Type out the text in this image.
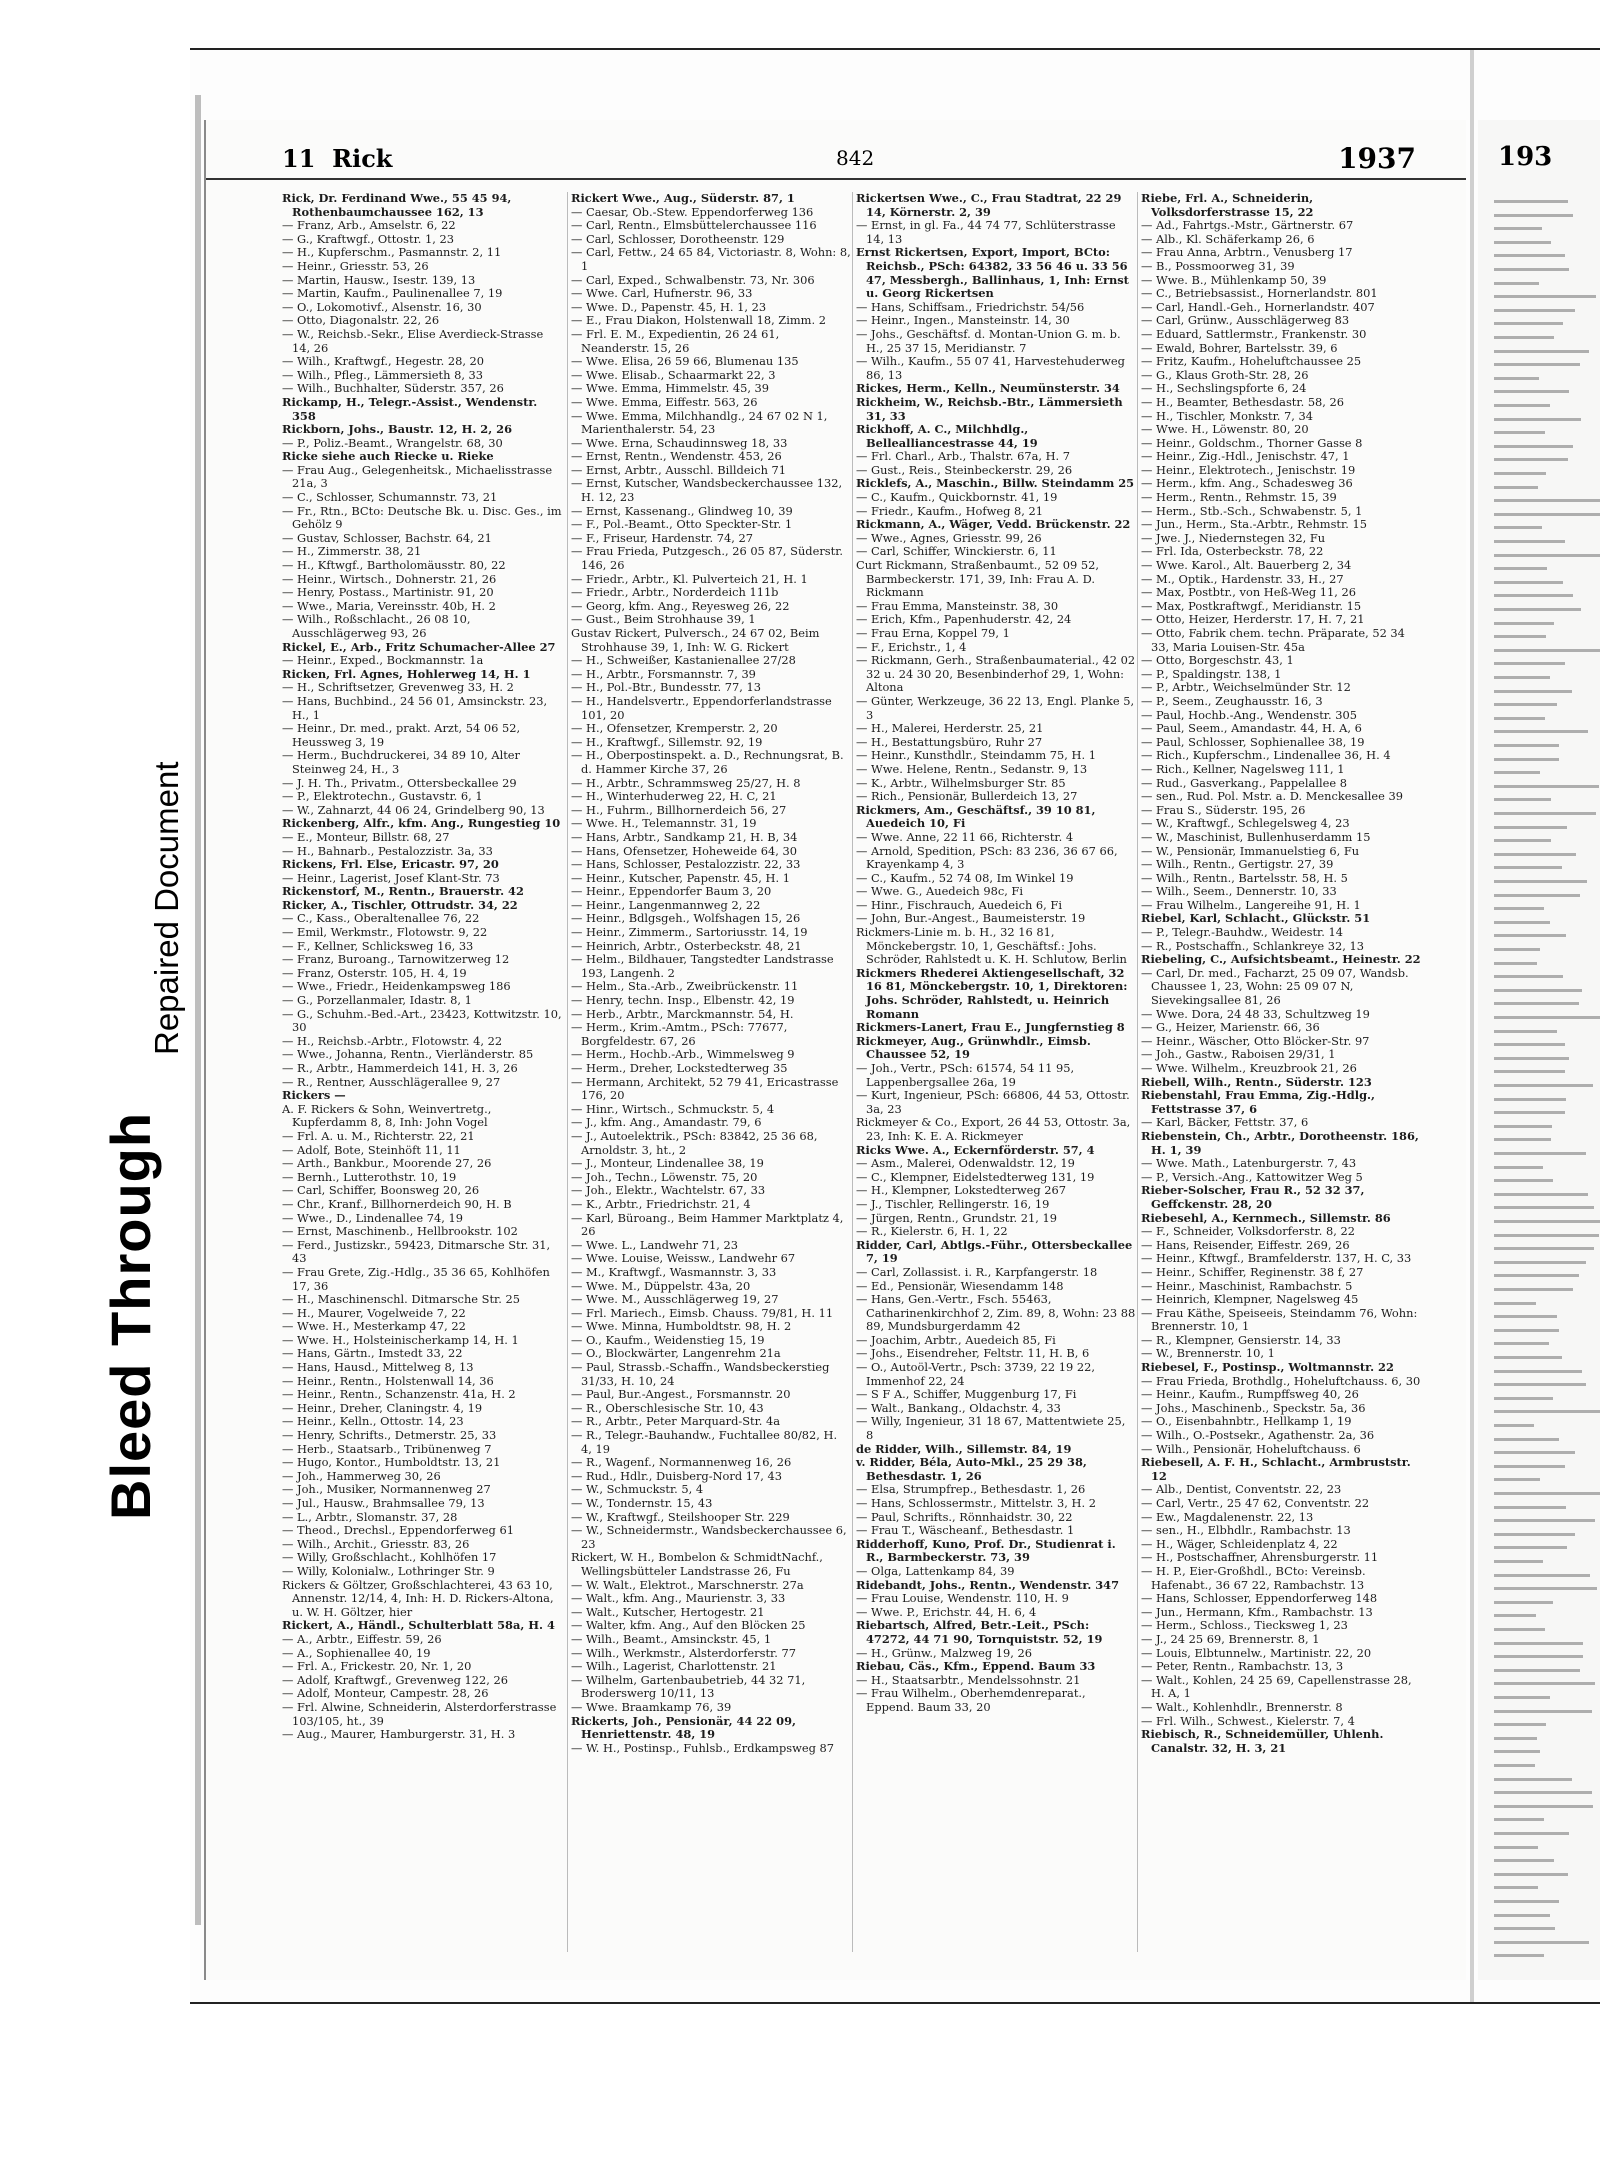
Bleed Through
Repaired Document
11 Rick	842	1937

Rick, Dr. Ferdinand Wwe., 55 45 94, Rothenbaumchaussee 162, 13

— Franz, Arb., Amselstr. 6, 22

— G., Kraftwgf., Ottostr. 1, 23

— H., Kupferschm., Pasmannstr. 2, 11

— Heinr., Griesstr. 53, 26

— Martin, Hausw., Isestr. 139, 13

— Martin, Kaufm., Paulinenallee 7, 19

— O., Lokomotivf., Alsenstr. 16, 30

— Otto, Diagonalstr. 22, 26

— W., Reichsb.-Sekr., Elise Averdieck-Strasse 14, 26

— Wilh., Kraftwgf., Hegestr. 28, 20

— Wilh., Pfleg., Lämmersieth 8, 33

— Wilh., Buchhalter, Süderstr. 357, 26

Rickamp, H., Telegr.-Assist., Wendenstr. 358

Rickborn, Johs., Baustr. 12, H. 2, 26

— P., Poliz.-Beamt., Wrangelstr. 68, 30

Ricke siehe auch Riecke u. Rieke

— Frau Aug., Gelegenheitsk., Michaelisstrasse 21a, 3

— C., Schlosser, Schumannstr. 73, 21

— Fr., Rtn., BCto: Deutsche Bk. u. Disc. Ges., im Gehölz 9

— Gustav, Schlosser, Bachstr. 64, 21

— H., Zimmerstr. 38, 21

— H., Kftwgf., Bartholomäusstr. 80, 22

— Heinr., Wirtsch., Dohnerstr. 21, 26

— Henry, Postass., Martinistr. 91, 20

— Wwe., Maria, Vereinsstr. 40b, H. 2

— Wilh., Roßschlacht., 26 08 10, Ausschlägerweg 93, 26

Rickel, E., Arb., Fritz Schumacher-Allee 27

— Heinr., Exped., Bockmannstr. 1a

Ricken, Frl. Agnes, Hohlerweg 14, H. 1

— H., Schriftsetzer, Grevenweg 33, H. 2

— Hans, Buchbind., 24 56 01, Amsinckstr. 23, H., 1

— Heinr., Dr. med., prakt. Arzt, 54 06 52, Heussweg 3, 19

— Herm., Buchdruckerei, 34 89 10, Alter Steinweg 24, H., 3

— J. H. Th., Privatm., Ottersbeckallee 29

— P., Elektrotechn., Gustavstr. 6, 1

— W., Zahnarzt, 44 06 24, Grindelberg 90, 13

Rickenberg, Alfr., kfm. Ang., Rungestieg 10

— E., Monteur, Billstr. 68, 27

— H., Bahnarb., Pestalozzistr. 3a, 33

Rickens, Frl. Else, Ericastr. 97, 20

— Heinr., Lagerist, Josef Klant-Str. 73

Rickenstorf, M., Rentn., Brauerstr. 42

Ricker, A., Tischler, Ottrudstr. 34, 22

— C., Kass., Oberaltenallee 76, 22

— Emil, Werkmstr., Flotowstr. 9, 22

— F., Kellner, Schlicksweg 16, 33

— Franz, Buroang., Tarnowitzerweg 12

— Franz, Osterstr. 105, H. 4, 19

— Wwe., Friedr., Heidenkampsweg 186

— G., Porzellanmaler, Idastr. 8, 1

— G., Schuhm.-Bed.-Art., 23423, Kottwitzstr. 10, 30

— H., Reichsb.-Arbtr., Flotowstr. 4, 22

— Wwe., Johanna, Rentn., Vierländerstr. 85

— R., Arbtr., Hammerdeich 141, H. 3, 26

— R., Rentner, Ausschlägerallee 9, 27

Rickers —

A. F. Rickers & Sohn, Weinvertretg., Kupferdamm 8, 8, Inh: John Vogel

— Frl. A. u. M., Richterstr. 22, 21

— Adolf, Bote, Steinhöft 11, 11

— Arth., Bankbur., Moorende 27, 26

— Bernh., Lutterothstr. 10, 19

— Carl, Schiffer, Boonsweg 20, 26

— Chr., Kranf., Billhornerdeich 90, H. B

— Wwe., D., Lindenallee 74, 19

— Ernst, Maschinenb., Hellbrookstr. 102

— Ferd., Justizskr., 59423, Ditmarsche Str. 31, 43

— Frau Grete, Zig.-Hdlg., 35 36 65, Kohlhöfen 17, 36

— H., Maschinenschl. Ditmarsche Str. 25

— H., Maurer, Vogelweide 7, 22

— Wwe. H., Mesterkamp 47, 22

— Wwe. H., Holsteinischerkamp 14, H. 1

— Hans, Gärtn., Imstedt 33, 22

— Hans, Hausd., Mittelweg 8, 13

— Heinr., Rentn., Holstenwall 14, 36

— Heinr., Rentn., Schanzenstr. 41a, H. 2

— Heinr., Dreher, Claningstr. 4, 19

— Heinr., Kelln., Ottostr. 14, 23

— Henry, Schrifts., Detmerstr. 25, 33

— Herb., Staatsarb., Tribünenweg 7

— Hugo, Kontor., Humboldtstr. 13, 21

— Joh., Hammerweg 30, 26

— Joh., Musiker, Normannenweg 27

— Jul., Hausw., Brahmsallee 79, 13

— L., Arbtr., Slomanstr. 37, 28

— Theod., Drechsl., Eppendorferweg 61

— Wilh., Archit., Griesstr. 83, 26

— Willy, Großschlacht., Kohlhöfen 17

— Willy, Kolonialw., Lothringer Str. 9

Rickers & Göltzer, Großschlachterei, 43 63 10, Annenstr. 12/14, 4, Inh: H. D. Rickers-Altona, u. W. H. Göltzer, hier

Rickert, A., Händl., Schulterblatt 58a, H. 4

— A., Arbtr., Eiffestr. 59, 26

— A., Sophienallee 40, 19

— Frl. A., Frickestr. 20, Nr. 1, 20

— Adolf, Kraftwgf., Grevenweg 122, 26

— Adolf, Monteur, Campestr. 28, 26

— Frl. Alwine, Schneiderin, Alsterdorferstrasse 103/105, ht., 39

— Aug., Maurer, Hamburgerstr. 31, H. 3

Rickert Wwe., Aug., Süderstr. 87, 1

— Caesar, Ob.-Stew. Eppendorferweg 136

— Carl, Rentn., Elmsbüttelerchaussee 116

— Carl, Schlosser, Dorotheenstr. 129

— Carl, Fettw., 24 65 84, Victoriastr. 8, Wohn: 8, 1

— Carl, Exped., Schwalbenstr. 73, Nr. 306

— Wwe. Carl, Hufnerstr. 96, 33

— Wwe. D., Papenstr. 45, H. 1, 23

— E., Frau Diakon, Holstenwall 18, Zimm. 2

— Frl. E. M., Expedientin, 26 24 61, Neanderstr. 15, 26

— Wwe. Elisa, 26 59 66, Blumenau 135

— Wwe. Elisab., Schaarmarkt 22, 3

— Wwe. Emma, Himmelstr. 45, 39

— Wwe. Emma, Eiffestr. 563, 26

— Wwe. Emma, Milchhandlg., 24 67 02 N 1, Marienthalerstr. 54, 23

— Wwe. Erna, Schaudinnsweg 18, 33

— Ernst, Rentn., Wendenstr. 453, 26

— Ernst, Arbtr., Ausschl. Billdeich 71

— Ernst, Kutscher, Wandsbeckerchaussee 132, H. 12, 23

— Ernst, Kassenang., Glindweg 10, 39

— F., Pol.-Beamt., Otto Speckter-Str. 1

— F., Friseur, Hardenstr. 74, 27

— Frau Frieda, Putzgesch., 26 05 87, Süderstr. 146, 26

— Friedr., Arbtr., Kl. Pulverteich 21, H. 1

— Friedr., Arbtr., Norderdeich 111b

— Georg, kfm. Ang., Reyesweg 26, 22

— Gust., Beim Strohhause 39, 1

Gustav Rickert, Pulversch., 24 67 02, Beim Strohhause 39, 1, Inh: W. G. Rickert

— H., Schweißer, Kastanienallee 27/28

— H., Arbtr., Forsmannstr. 7, 39

— H., Pol.-Btr., Bundesstr. 77, 13

— H., Handelsvertr., Eppendorferlandstrasse 101, 20

— H., Ofensetzer, Kremperstr. 2, 20

— H., Kraftwgf., Sillemstr. 92, 19

— H., Oberpostinspekt. a. D., Rechnungsrat, B. d. Hammer Kirche 37, 26

— H., Arbtr., Schrammsweg 25/27, H. 8

— H., Winterhuderweg 22, H. C, 21

— H., Fuhrm., Billhornerdeich 56, 27

— Wwe. H., Telemannstr. 31, 19

— Hans, Arbtr., Sandkamp 21, H. B, 34

— Hans, Ofensetzer, Hoheweide 64, 30

— Hans, Schlosser, Pestalozzistr. 22, 33

— Heinr., Kutscher, Papenstr. 45, H. 1

— Heinr., Eppendorfer Baum 3, 20

— Heinr., Langenmannweg 2, 22

— Heinr., Bdlgsgeh., Wolfshagen 15, 26

— Heinr., Zimmerm., Sartoriusstr. 14, 19

— Heinrich, Arbtr., Osterbeckstr. 48, 21

— Helm., Bildhauer, Tangstedter Landstrasse 193, Langenh. 2

— Helm., Sta.-Arb., Zweibrückenstr. 11

— Henry, techn. Insp., Elbenstr. 42, 19

— Herb., Arbtr., Marckmannstr. 54, H.

— Herm., Krim.-Amtm., PSch: 77677, Borgfeldestr. 67, 26

— Herm., Hochb.-Arb., Wimmelsweg 9

— Herm., Dreher, Lockstedterweg 35

— Hermann, Architekt, 52 79 41, Ericastrasse 176, 20

— Hinr., Wirtsch., Schmuckstr. 5, 4

— J., kfm. Ang., Amandastr. 79, 6

— J., Autoelektrik., PSch: 83842, 25 36 68, Arnoldstr. 3, ht., 2

— J., Monteur, Lindenallee 38, 19

— Joh., Techn., Löwenstr. 75, 20

— Joh., Elektr., Wachtelstr. 67, 33

— K., Arbtr., Friedrichstr. 21, 4

— Karl, Büroang., Beim Hammer Marktplatz 4, 26

— Wwe. L., Landwehr 71, 23

— Wwe. Louise, Weissw., Landwehr 67

— M., Kraftwgf., Wasmannstr. 3, 33

— Wwe. M., Düppelstr. 43a, 20

— Wwe. M., Ausschlägerweg 19, 27

— Frl. Mariech., Eimsb. Chauss. 79/81, H. 11

— Wwe. Minna, Humboldtstr. 98, H. 2

— O., Kaufm., Weidenstieg 15, 19

— O., Blockwärter, Langenrehm 21a

— Paul, Strassb.-Schaffn., Wandsbeckerstieg 31/33, H. 10, 24

— Paul, Bur.-Angest., Forsmannstr. 20

— R., Oberschlesische Str. 10, 43

— R., Arbtr., Peter Marquard-Str. 4a

— R., Telegr.-Bauhandw., Fuchtallee 80/82, H. 4, 19

— R., Wagenf., Normannenweg 16, 26

— Rud., Hdlr., Duisberg-Nord 17, 43

— W., Schmuckstr. 5, 4

— W., Tondernstr. 15, 43

— W., Kraftwgf., Steilshooper Str. 229

— W., Schneidermstr., Wandsbeckerchaussee 6, 23

Rickert, W. H., Bombelon & SchmidtNachf., Wellingsbütteler Landstrasse 26, Fu

— W. Walt., Elektrot., Marschnerstr. 27a

— Walt., kfm. Ang., Maurienstr. 3, 33

— Walt., Kutscher, Hertogestr. 21

— Walter, kfm. Ang., Auf den Blöcken 25

— Wilh., Beamt., Amsinckstr. 45, 1

— Wilh., Werkmstr., Alsterdorferstr. 77

— Wilh., Lagerist, Charlottenstr. 21

— Wilhelm, Gartenbaubetrieb, 44 32 71, Broderswerg 10/11, 13

— Wwe. Braamkamp 76, 39

Rickerts, Joh., Pensionär, 44 22 09, Henriettenstr. 48, 19

— W. H., Postinsp., Fuhlsb., Erdkampsweg 87

Rickertsen Wwe., C., Frau Stadtrat, 22 29 14, Körnerstr. 2, 39

— Ernst, in gl. Fa., 44 74 77, Schlüterstrasse 14, 13

Ernst Rickertsen, Export, Import, BCto: Reichsb., PSch: 64382, 33 56 46 u. 33 56 47, Messbergh., Ballinhaus, 1, Inh: Ernst u. Georg Rickertsen

— Hans, Schiffsam., Friedrichstr. 54/56

— Heinr., Ingen., Mansteinstr. 14, 30

— Johs., Geschäftsf. d. Montan-Union G. m. b. H., 25 37 15, Meridianstr. 7

— Wilh., Kaufm., 55 07 41, Harvestehuderweg 86, 13

Rickes, Herm., Kelln., Neumünsterstr. 34

Rickheim, W., Reichsb.-Btr., Lämmersieth 31, 33

Rickhoff, A. C., Milchhdlg., Bellealliancestrasse 44, 19

— Frl. Charl., Arb., Thalstr. 67a, H. 7

— Gust., Reis., Steinbeckerstr. 29, 26

Ricklefs, A., Maschin., Billw. Steindamm 25

— C., Kaufm., Quickbornstr. 41, 19

— Friedr., Kaufm., Hofweg 8, 21

Rickmann, A., Wäger, Vedd. Brückenstr. 22

— Wwe., Agnes, Griesstr. 99, 26

— Carl, Schiffer, Winckierstr. 6, 11

Curt Rickmann, Straßenbaumt., 52 09 52, Barmbeckerstr. 171, 39, Inh: Frau A. D. Rickmann

— Frau Emma, Mansteinstr. 38, 30

— Erich, Kfm., Papenhuderstr. 42, 24

— Frau Erna, Koppel 79, 1

— F., Erichstr., 1, 4

— Rickmann, Gerh., Straßenbaumaterial., 42 02 32 u. 24 30 20, Besenbinderhof 29, 1, Wohn: Altona

— Günter, Werkzeuge, 36 22 13, Engl. Planke 5, 3

— H., Malerei, Herderstr. 25, 21

— H., Bestattungsbüro, Ruhr 27

— Heinr., Kunsthdlr., Steindamm 75, H. 1

— Wwe. Helene, Rentn., Sedanstr. 9, 13

— K., Arbtr., Wilhelmsburger Str. 85

— Rich., Pensionär, Bullerdeich 13, 27

Rickmers, Am., Geschäftsf., 39 10 81, Auedeich 10, Fi

— Wwe. Anne, 22 11 66, Richterstr. 4

— Arnold, Spedition, PSch: 83 236, 36 67 66, Krayenkamp 4, 3

— C., Kaufm., 52 74 08, Im Winkel 19

— Wwe. G., Auedeich 98c, Fi

— Hinr., Fischrauch, Auedeich 6, Fi

— John, Bur.-Angest., Baumeisterstr. 19

Rickmers-Linie m. b. H., 32 16 81, Mönckebergstr. 10, 1, Geschäftsf.: Johs. Schröder, Rahlstedt u. K. H. Schlutow, Berlin

Rickmers Rhederei Aktiengesellschaft, 32 16 81, Mönckebergstr. 10, 1, Direktoren: Johs. Schröder, Rahlstedt, u. Heinrich Romann

Rickmers-Lanert, Frau E., Jungfernstieg 8

Rickmeyer, Aug., Grünwhdlr., Eimsb. Chaussee 52, 19

— Joh., Vertr., PSch: 61574, 54 11 95, Lappenbergsallee 26a, 19

— Kurt, Ingenieur, PSch: 66806, 44 53, Ottostr. 3a, 23

Rickmeyer & Co., Export, 26 44 53, Ottostr. 3a, 23, Inh: K. E. A. Rickmeyer

Ricks Wwe. A., Eckernförderstr. 57, 4

— Asm., Malerei, Odenwaldstr. 12, 19

— C., Klempner, Eidelstedterweg 131, 19

— H., Klempner, Lokstedterweg 267

— J., Tischler, Rellingerstr. 16, 19

— Jürgen, Rentn., Grundstr. 21, 19

— R., Kielerstr. 6, H. 1, 22

Ridder, Carl, Abtlgs.-Führ., Ottersbeckallee 7, 19

— Carl, Zollassist. i. R., Karpfangerstr. 18

— Ed., Pensionär, Wiesendamm 148

— Hans, Gen.-Vertr., Fsch. 55463, Catharinenkirchhof 2, Zim. 89, 8, Wohn: 23 88 89, Mundsburgerdamm 42

— Joachim, Arbtr., Auedeich 85, Fi

— Johs., Eisendreher, Feltstr. 11, H. B, 6

— O., Autoöl-Vertr., Psch: 3739, 22 19 22, Immenhof 22, 24

— S F A., Schiffer, Muggenburg 17, Fi

— Walt., Bankang., Oldachstr. 4, 33

— Willy, Ingenieur, 31 18 67, Mattentwiete 25, 8

de Ridder, Wilh., Sillemstr. 84, 19

v. Ridder, Béla, Auto-Mkl., 25 29 38, Bethesdastr. 1, 26

— Elsa, Strumpfrep., Bethesdastr. 1, 26

— Hans, Schlossermstr., Mittelstr. 3, H. 2

— Paul, Schrifts., Rönnhaidstr. 30, 22

— Frau T., Wäscheanf., Bethesdastr. 1

Ridderhoff, Kuno, Prof. Dr., Studienrat i. R., Barmbeckerstr. 73, 39

— Olga, Lattenkamp 84, 39

Ridebandt, Johs., Rentn., Wendenstr. 347

— Frau Louise, Wendenstr. 110, H. 9

— Wwe. P., Erichstr. 44, H. 6, 4

Riebartsch, Alfred, Betr.-Leit., PSch: 47272, 44 71 90, Tornquiststr. 52, 19

— H., Grünw., Malzweg 19, 26

Riebau, Cäs., Kfm., Eppend. Baum 33

— H., Staatsarbtr., Mendelssohnstr. 21

— Frau Wilhelm., Oberhemdenreparat., Eppend. Baum 33, 20

Riebe, Frl. A., Schneiderin, Volksdorferstrasse 15, 22

— Ad., Fahrtgs.-Mstr., Gärtnerstr. 67

— Alb., Kl. Schäferkamp 26, 6

— Frau Anna, Arbtrn., Venusberg 17

— B., Possmoorweg 31, 39

— Wwe. B., Mühlenkamp 50, 39

— C., Betriebsassist., Hornerlandstr. 801

— Carl, Handl.-Geh., Hornerlandstr. 407

— Carl, Grünw., Ausschlägerweg 83

— Eduard, Sattlermstr., Frankenstr. 30

— Ewald, Bohrer, Bartelsstr. 39, 6

— Fritz, Kaufm., Hoheluftchaussee 25

— G., Klaus Groth-Str. 28, 26

— H., Sechslingspforte 6, 24

— H., Beamter, Bethesdastr. 58, 26

— H., Tischler, Monkstr. 7, 34

— Wwe. H., Löwenstr. 80, 20

— Heinr., Goldschm., Thorner Gasse 8

— Heinr., Zig.-Hdl., Jenischstr. 47, 1

— Heinr., Elektrotech., Jenischstr. 19

— Herm., kfm. Ang., Schadesweg 36

— Herm., Rentn., Rehmstr. 15, 39

— Herm., Stb.-Sch., Schwabenstr. 5, 1

— Jun., Herm., Sta.-Arbtr., Rehmstr. 15

— Jwe. J., Niedernstegen 32, Fu

— Frl. Ida, Osterbeckstr. 78, 22

— Wwe. Karol., Alt. Bauerberg 2, 34

— M., Optik., Hardenstr. 33, H., 27

— Max, Postbtr., von Heß-Weg 11, 26

— Max, Postkraftwgf., Meridianstr. 15

— Otto, Heizer, Herderstr. 17, H. 7, 21

— Otto, Fabrik chem. techn. Präparate, 52 34 33, Maria Louisen-Str. 45a

— Otto, Borgeschstr. 43, 1

— P., Spaldingstr. 138, 1

— P., Arbtr., Weichselmünder Str. 12

— P., Seem., Zeughausstr. 16, 3

— Paul, Hochb.-Ang., Wendenstr. 305

— Paul, Seem., Amandastr. 44, H. A, 6

— Paul, Schlosser, Sophienallee 38, 19

— Rich., Kupferschm., Lindenallee 36, H. 4

— Rich., Kellner, Nagelsweg 111, 1

— Rud., Gasverkang., Pappelallee 8

— sen., Rud. Pol. Mstr. a. D. Menckesallee 39

— Frau S., Süderstr. 195, 26

— W., Kraftwgf., Schlegelsweg 4, 23

— W., Maschinist, Bullenhuserdamm 15

— W., Pensionär, Immanuelstieg 6, Fu

— Wilh., Rentn., Gertigstr. 27, 39

— Wilh., Rentn., Bartelsstr. 58, H. 5

— Wilh., Seem., Dennerstr. 10, 33

— Frau Wilhelm., Langereihe 91, H. 1

Riebel, Karl, Schlacht., Glückstr. 51

— P., Telegr.-Bauhdw., Weidestr. 14

— R., Postschaffn., Schlankreye 32, 13

Riebeling, C., Aufsichtsbeamt., Heinestr. 22

— Carl, Dr. med., Facharzt, 25 09 07, Wandsb. Chaussee 1, 23, Wohn: 25 09 07 N, Sievekingsallee 81, 26

— Wwe. Dora, 24 48 33, Schultzweg 19

— G., Heizer, Marienstr. 66, 36

— Heinr., Wäscher, Otto Blöcker-Str. 97

— Joh., Gastw., Raboisen 29/31, 1

— Wwe. Wilhelm., Kreuzbrook 21, 26

Riebell, Wilh., Rentn., Süderstr. 123

Riebenstahl, Frau Emma, Zig.-Hdlg., Fettstrasse 37, 6

— Karl, Bäcker, Fettstr. 37, 6

Riebenstein, Ch., Arbtr., Dorotheenstr. 186, H. 1, 39

— Wwe. Math., Latenburgerstr. 7, 43

— P., Versich.-Ang., Kattowitzer Weg 5

Rieber-Solscher, Frau R., 52 32 37, Geffckenstr. 28, 20

Riebesehl, A., Kernmech., Sillemstr. 86

— F., Schneider, Volksdorferstr. 8, 22

— Hans, Reisender, Eiffestr. 269, 26

— Heinr., Kftwgf., Bramfelderstr. 137, H. C, 33

— Heinr., Schiffer, Reginenstr. 38 f, 27

— Heinr., Maschinist, Rambachstr. 5

— Heinrich, Klempner, Nagelsweg 45

— Frau Käthe, Speiseeis, Steindamm 76, Wohn: Brennerstr. 10, 1

— R., Klempner, Gensierstr. 14, 33

— W., Brennerstr. 10, 1

Riebesel, F., Postinsp., Woltmannstr. 22

— Frau Frieda, Brothdlg., Hoheluftchauss. 6, 30

— Heinr., Kaufm., Rumpffsweg 40, 26

— Johs., Maschinenb., Speckstr. 5a, 36

— O., Eisenbahnbtr., Hellkamp 1, 19

— Wilh., O.-Postsekr., Agathenstr. 2a, 36

— Wilh., Pensionär, Hoheluftchauss. 6

Riebesell, A. F. H., Schlacht., Armbruststr. 12

— Alb., Dentist, Conventstr. 22, 23

— Carl, Vertr., 25 47 62, Conventstr. 22

— Ew., Magdalenenstr. 22, 13

— sen., H., Elbhdlr., Rambachstr. 13

— H., Wäger, Schleidenplatz 4, 22

— H., Postschaffner, Ahrensburgerstr. 11

— H. P., Eier-Großhdl., BCto: Vereinsb. Hafenabt., 36 67 22, Rambachstr. 13

— Hans, Schlosser, Eppendorferweg 148

— Jun., Hermann, Kfm., Rambachstr. 13

— Herm., Schloss., Tiecksweg 1, 23

— J., 24 25 69, Brennerstr. 8, 1

— Louis, Elbtunnelw., Martinistr. 22, 20

— Peter, Rentn., Rambachstr. 13, 3

— Walt., Kohlen, 24 25 69, Capellenstrasse 28, H. A, 1

— Walt., Kohlenhdlr., Brennerstr. 8

— Frl. Wilh., Schwest., Kielerstr. 7, 4

Riebisch, R., Schneidemüller, Uhlenh. Canalstr. 32, H. 3, 21

193
